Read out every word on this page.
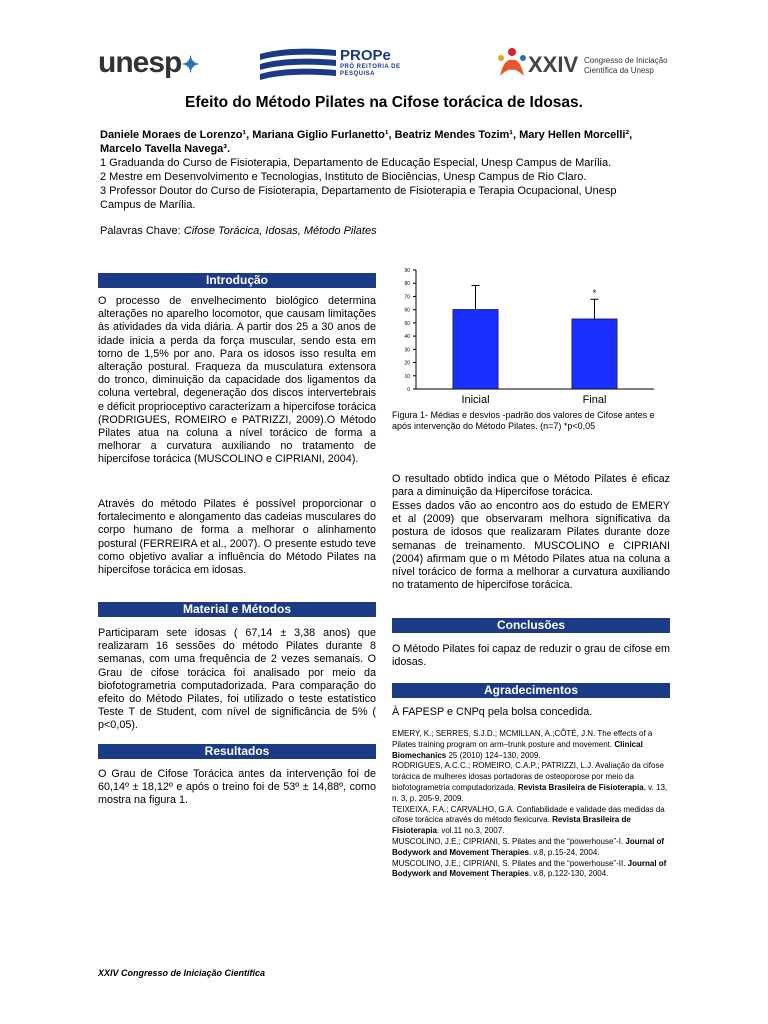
unesp✦	PROPe
PRÓ REITORIA DE PESQUISA	XXIV Congresso de Iniciação
Científica da Unesp
Efeito do Método Pilates na Cifose torácica de Idosas.
Daniele Moraes de Lorenzo¹, Mariana Giglio Furlanetto¹, Beatriz Mendes Tozim¹, Mary Hellen Morcelli², Marcelo Tavella Navega³.
1 Graduanda do Curso de Fisioterapia, Departamento de Educação Especial, Unesp Campus de Marília.
2 Mestre em Desenvolvimento e Tecnologias, Instituto de Biociências, Unesp Campus de Rio Claro.
3 Professor Doutor do Curso de Fisioterapia, Departamento de Fisioterapia e Terapia Ocupacional, Unesp Campus de Marília.
Palavras Chave: Cifose Torácica, Idosas, Método Pilates
Introdução
O processo de envelhecimento biológico determina alterações no aparelho locomotor, que causam limitações às atividades da vida diária. A partir dos 25 a 30 anos de idade inicia a perda da força muscular, sendo esta em torno de 1,5% por ano. Para os idosos isso resulta em alteração postural. Fraqueza da musculatura extensora do tronco, diminuição da capacidade dos ligamentos da coluna vertebral, degeneração dos discos intervertebrais e déficit proprioceptivo caracterizam a hipercifose torácica (RODRIGUES, ROMEIRO e PATRIZZI, 2009).O Método Pilates atua na coluna a nível torácico de forma a melhorar a curvatura auxiliando no tratamento de hipercifose torácica (MUSCOLINO e CIPRIANI, 2004).
Através do método Pilates é possível proporcionar o fortalecimento e alongamento das cadeias musculares do corpo humano de forma a melhorar o alinhamento postural (FERREIRA et al., 2007). O presente estudo teve como objetivo avaliar a influência do Método Pilates na hipercifose torácica em idosas.
Material e Métodos
Participaram sete idosas ( 67,14 ± 3,38 anos) que realizaram 16 sessões do método Pilates durante 8 semanas, com uma frequência de 2 vezes semanais. O Grau de cifose torácica foi analisado por meio da biofotogrametria computadorizada. Para comparação do efeito do Método Pilates, foi utilizado o teste estatístico Teste T de Student, com nível de significância de 5% ( p<0,05).
Resultados
O Grau de Cifose Torácica antes da intervenção foi de 60,14º ± 18,12º e após o treino foi de 53º ± 14,88º, como mostra na figura 1.
0
10
20
30
40
50
60
70
80
90
Inicial	Final
*
Figura 1- Médias e desvios -padrão dos valores de Cifose antes e após intervenção do Método Pilates. (n=7) *p<0,05
O resultado obtido indica que o Método Pilates é eficaz para a diminuição da Hipercifose torácica.
Esses dados vão ao encontro aos do estudo de EMERY et al (2009) que observaram melhora significativa da postura de idosos que realizaram Pilates durante doze semanas de treinamento. MUSCOLINO e CIPRIANI (2004) afirmam que o m Método Pilates atua na coluna a nível torácico de forma a melhorar a curvatura auxiliando no tratamento de hipercifose torácica.
Conclusões
O Método Pilates foi capaz de reduzir o grau de cifose em idosas.
Agradecimentos
À FAPESP e CNPq pela bolsa concedida.
EMERY, K.; SERRES, S.J.D.; MCMILLAN, A.;CÔTÉ, J.N. The effects of a Pilates training program on arm–trunk posture and movement. Clinical Biomechanics 25 (2010) 124–130, 2009.
RODRIGUES, A.C.C.; ROMEIRO, C.A.P.; PATRIZZI, L.J. Avaliação da cifose torácica de mulheres idosas portadoras de osteoporose por meio da biofotogrametria computadorizada. Revista Brasileira de Fisioterapia, v. 13, n. 3, p. 205-9, 2009.
TEIXEIXA, F.A.; CARVALHO, G.A. Confiabilidade e validade das medidas da cifose torácica através do método flexicurva. Revista Brasileira de Fisioterapia. vol.11 no.3, 2007.
MUSCOLINO, J.E.; CIPRIANI, S. Pilates and the “powerhouse”-I. Journal of Bodywork and Movement Therapies. v.8, p.15-24, 2004.
MUSCOLINO, J.E.; CIPRIANI, S. Pilates and the “powerhouse”-II. Journal of Bodywork and Movement Therapies. v.8, p.122-130, 2004.
XXIV Congresso de Iniciação Científica
